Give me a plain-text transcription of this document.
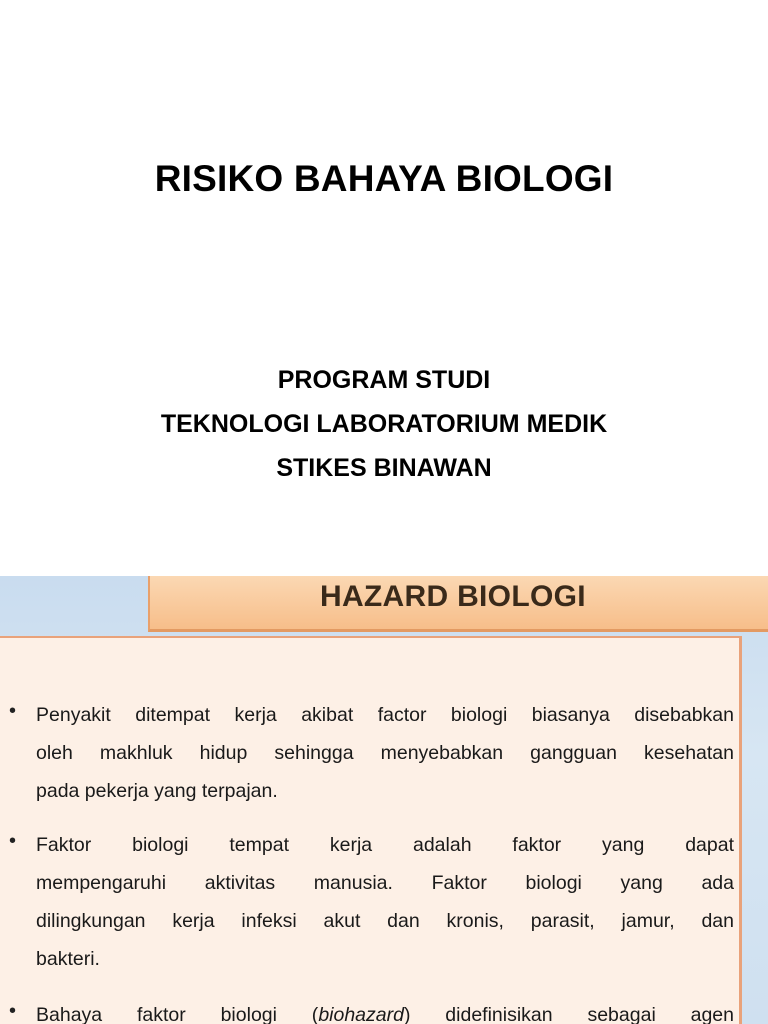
RISIKO BAHAYA BIOLOGI
PROGRAM STUDI
TEKNOLOGI LABORATORIUM MEDIK
STIKES BINAWAN
HAZARD BIOLOGI
• Penyakit ditempat kerja akibat factor biologi biasanya disebabkan
oleh makhluk hidup sehingga menyebabkan gangguan kesehatan
pada pekerja yang terpajan.
• Faktor biologi tempat kerja adalah faktor yang dapat
mempengaruhi aktivitas manusia. Faktor biologi yang ada
dilingkungan kerja infeksi akut dan kronis, parasit, jamur, dan
bakteri.
• Bahaya faktor biologi (biohazard) didefinisikan sebagai agen
